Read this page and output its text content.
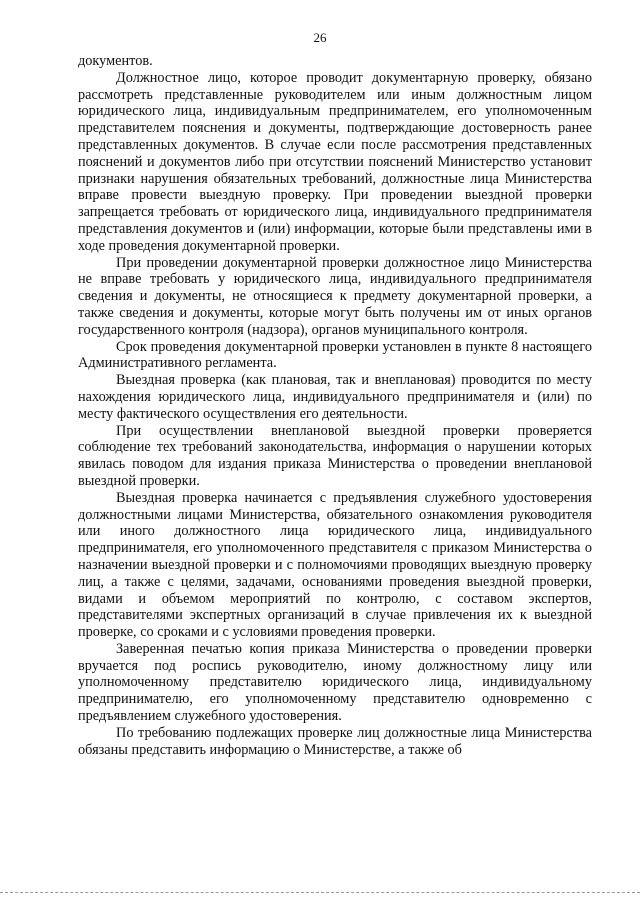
26

документов.

Должностное лицо, которое проводит документарную проверку, обязано рассмотреть представленные руководителем или иным должностным лицом юридического лица, индивидуальным предпринимателем, его уполномоченным представителем пояснения и документы, подтверждающие достоверность ранее представленных документов. В случае если после рассмотрения представленных пояснений и документов либо при отсутствии пояснений Министерство установит признаки нарушения обязательных требований, должностные лица Министерства вправе провести выездную проверку. При проведении выездной проверки запрещается требовать от юридического лица, индивидуального предпринимателя представления документов и (или) информации, которые были представлены ими в ходе проведения документарной проверки.

При проведении документарной проверки должностное лицо Министерства не вправе требовать у юридического лица, индивидуального предпринимателя сведения и документы, не относящиеся к предмету документарной проверки, а также сведения и документы, которые могут быть получены им от иных органов государственного контроля (надзора), органов муниципального контроля.

Срок проведения документарной проверки установлен в пункте 8 настоящего Административного регламента.

Выездная проверка (как плановая, так и внеплановая) проводится по месту нахождения юридического лица, индивидуального предпринимателя и (или) по месту фактического осуществления его деятельности.

При осуществлении внеплановой выездной проверки проверяется соблюдение тех требований законодательства, информация о нарушении которых явилась поводом для издания приказа Министерства о проведении внеплановой выездной проверки.

Выездная проверка начинается с предъявления служебного удостоверения должностными лицами Министерства, обязательного ознакомления руководителя или иного должностного лица юридического лица, индивидуального предпринимателя, его уполномоченного представителя с приказом Министерства о назначении выездной проверки и с полномочиями проводящих выездную проверку лиц, а также с целями, задачами, основаниями проведения выездной проверки, видами и объемом мероприятий по контролю, с составом экспертов, представителями экспертных организаций в случае привлечения их к выездной проверке, со сроками и с условиями проведения проверки.

Заверенная печатью копия приказа Министерства о проведении проверки вручается под роспись руководителю, иному должностному лицу или уполномоченному представителю юридического лица, индивидуальному предпринимателю, его уполномоченному представителю одновременно с предъявлением служебного удостоверения.

По требованию подлежащих проверке лиц должностные лица Министерства обязаны представить информацию о Министерстве, а также об
